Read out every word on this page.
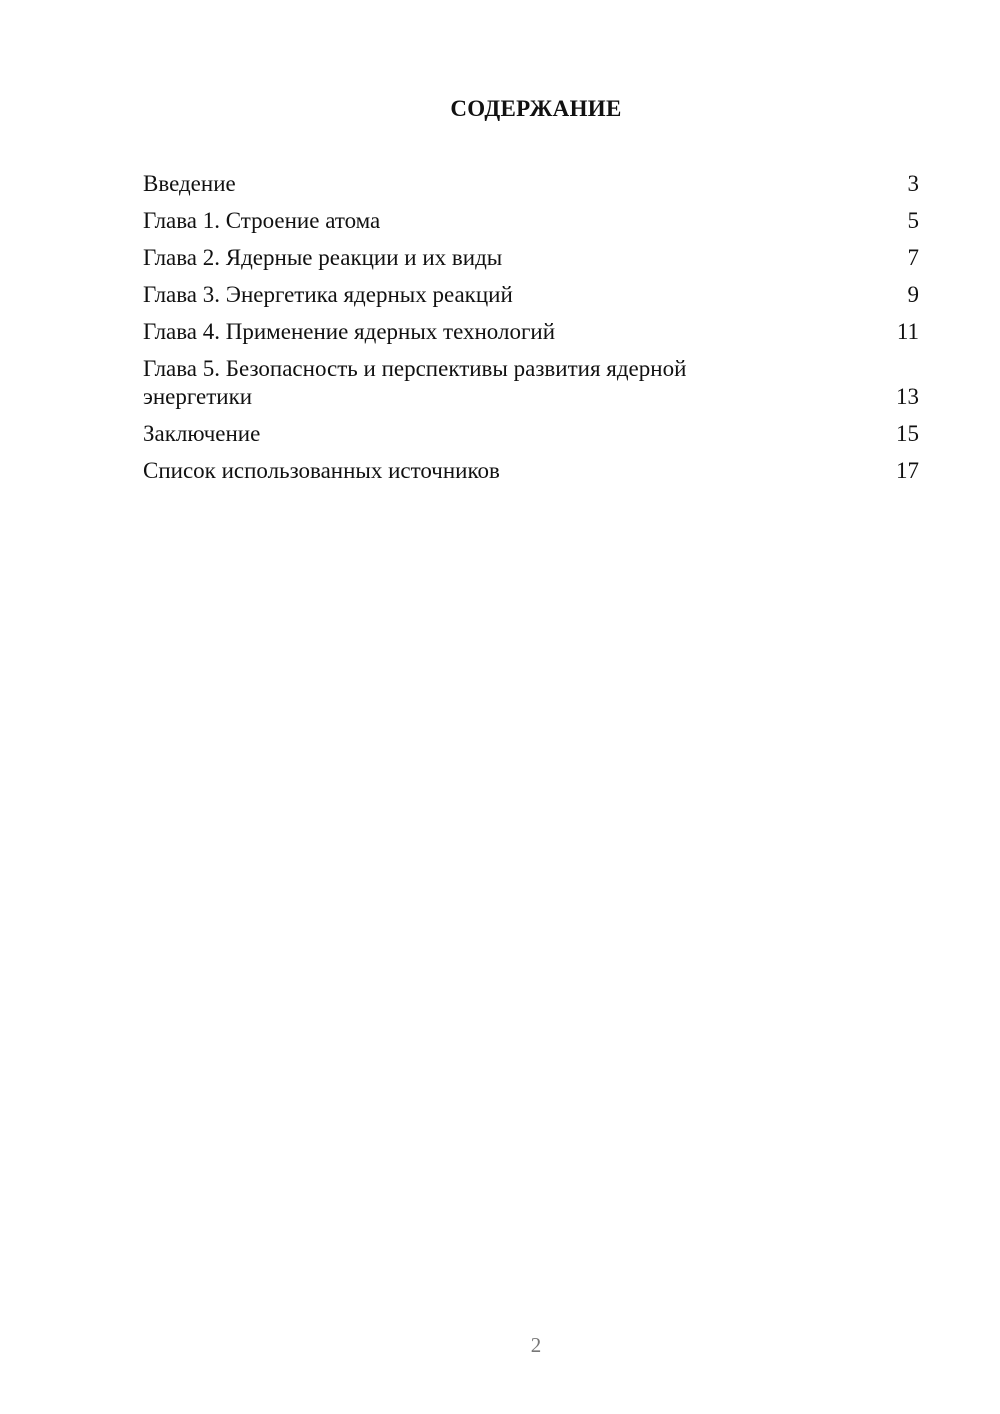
СОДЕРЖАНИЕ
Введение	3
Глава 1. Строение атома	5
Глава 2. Ядерные реакции и их виды	7
Глава 3. Энергетика ядерных реакций	9
Глава 4. Применение ядерных технологий	11
Глава 5. Безопасность и перспективы развития ядерной энергетики	13
Заключение	15
Список использованных источников	17
2
